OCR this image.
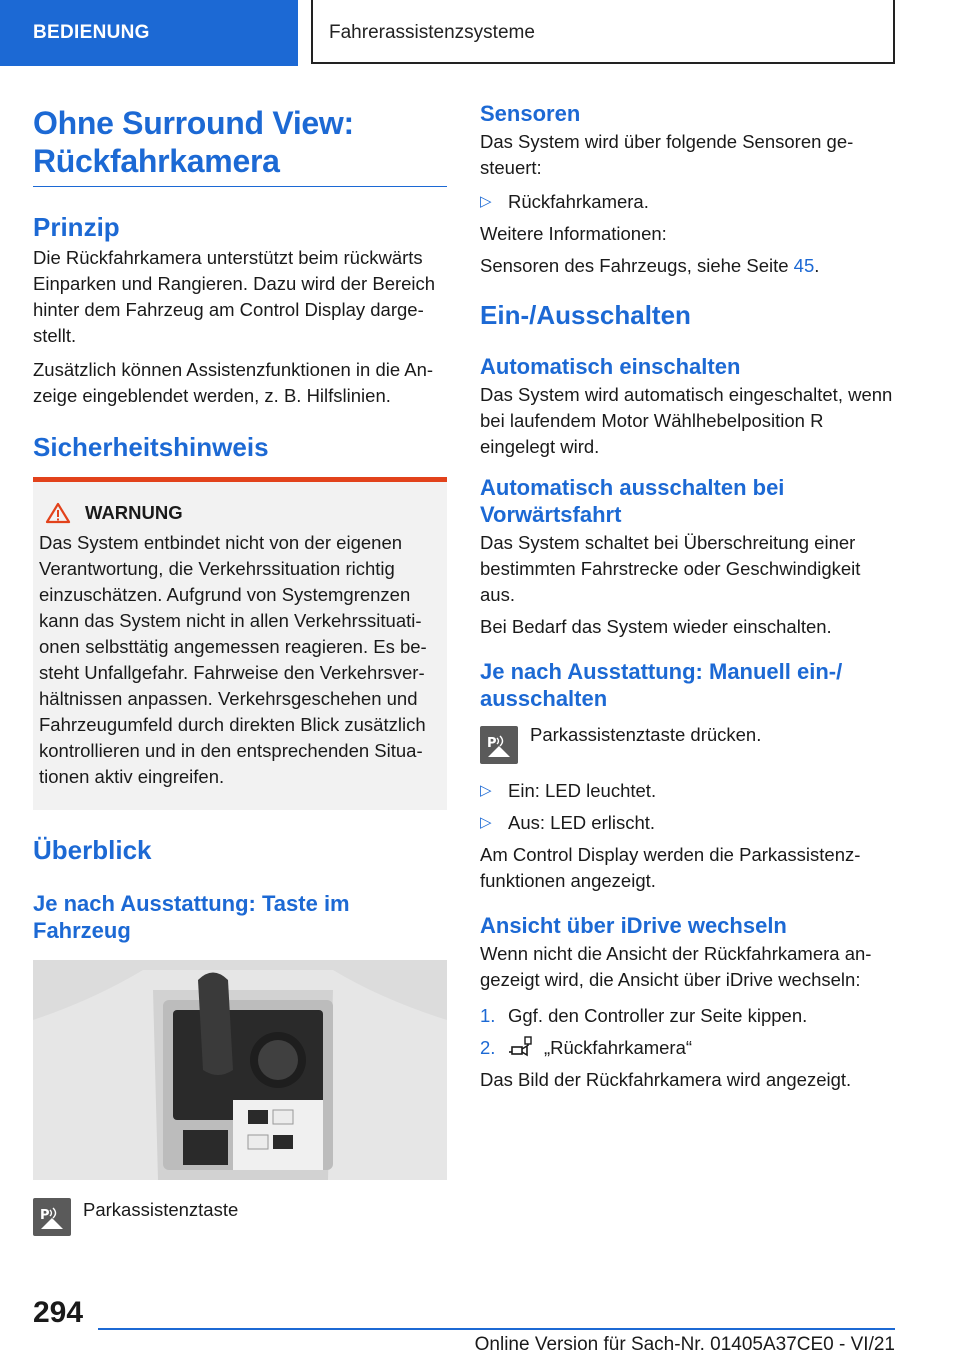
BEDIENUNG	Fahrerassistenzsysteme
Ohne Surround View: Rückfahrkamera
Prinzip

Die Rückfahrkamera unterstützt beim rückwärts Einparken und Rangieren. Dazu wird der Bereich hinter dem Fahrzeug am Control Display darge-stellt.

Zusätzlich können Assistenzfunktionen in die An-zeige eingeblendet werden, z. B. Hilfslinien.

Sicherheitshinweis
WARNUNG

Das System entbindet nicht von der eigenen Verantwortung, die Verkehrssituation richtig einzuschätzen. Aufgrund von Systemgrenzen kann das System nicht in allen Verkehrssituati-onen selbsttätig angemessen reagieren. Es be-steht Unfallgefahr. Fahrweise den Verkehrsver-hältnissen anpassen. Verkehrsgeschehen und Fahrzeugumfeld durch direkten Blick zusätzlich kontrollieren und in den entsprechenden Situa-tionen aktiv eingreifen.

Überblick
Je nach Ausstattung: Taste im Fahrzeug
P Parkassistenztaste
Sensoren

Das System wird über folgende Sensoren ge-steuert:

▷ Rückfahrkamera.

Weitere Informationen:

Sensoren des Fahrzeugs, siehe Seite 45.

Ein-/Ausschalten
Automatisch einschalten

Das System wird automatisch eingeschaltet, wenn bei laufendem Motor Wählhebelposition R eingelegt wird.

Automatisch ausschalten bei Vorwärtsfahrt

Das System schaltet bei Überschreitung einer bestimmten Fahrstrecke oder Geschwindigkeit aus.

Bei Bedarf das System wieder einschalten.

Je nach Ausstattung: Manuell ein-/ ausschalten
P Parkassistenztaste drücken.

▷ Ein: LED leuchtet.
▷ Aus: LED erlischt.

Am Control Display werden die Parkassistenz-funktionen angezeigt.

Ansicht über iDrive wechseln

Wenn nicht die Ansicht der Rückfahrkamera an-gezeigt wird, die Ansicht über iDrive wechseln:

1. Ggf. den Controller zur Seite kippen.
2.	„Rückfahrkamera“

Das Bild der Rückfahrkamera wird angezeigt.

294
Online Version für Sach-Nr. 01405A37CE0 - VI/21
